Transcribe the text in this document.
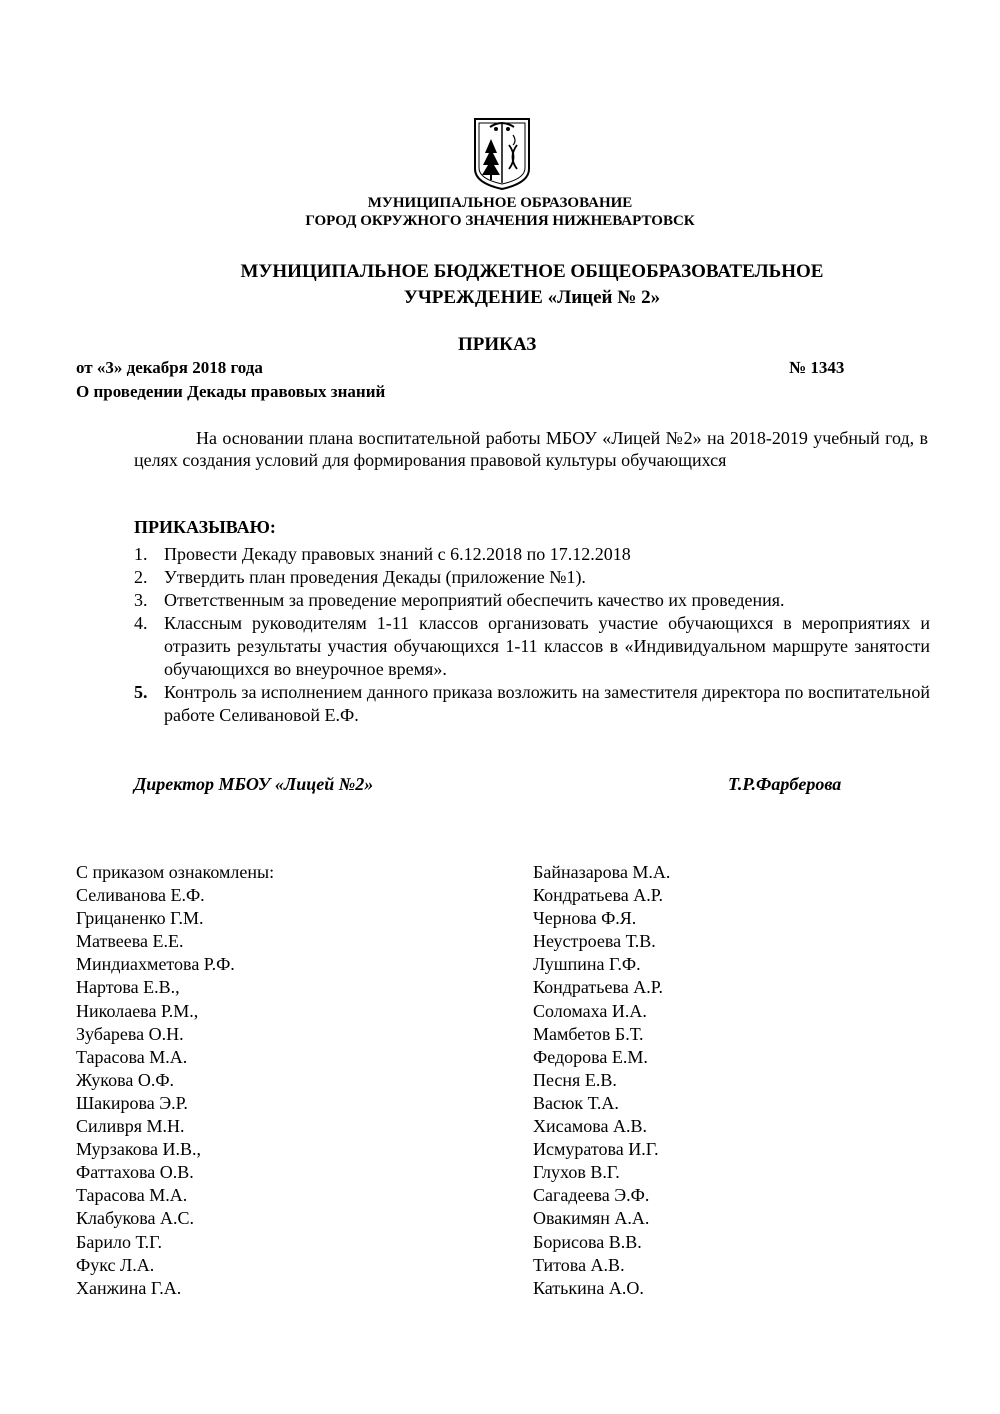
МУНИЦИПАЛЬНОЕ ОБРАЗОВАНИЕ
ГОРОД ОКРУЖНОГО ЗНАЧЕНИЯ НИЖНЕВАРТОВСК
МУНИЦИПАЛЬНОЕ БЮДЖЕТНОЕ ОБЩЕОБРАЗОВАТЕЛЬНОЕ
УЧРЕЖДЕНИЕ «Лицей № 2»
ПРИКАЗ
от «3» декабря 2018 года	№ 1343
О проведении Декады правовых знаний
На основании плана воспитательной работы МБОУ «Лицей №2» на 2018-2019 учебный год, в целях создания условий для формирования правовой культуры обучающихся
ПРИКАЗЫВАЮ:
1. Провести Декаду правовых знаний с 6.12.2018 по 17.12.2018
2. Утвердить план проведения Декады (приложение №1).
3. Ответственным за проведение мероприятий обеспечить качество их проведения.
4. Классным руководителям 1-11 классов организовать участие обучающихся в мероприятиях и отразить результаты участия обучающихся 1-11 классов в «Индивидуальном маршруте занятости обучающихся во внеурочное время».
5. Контроль за исполнением данного приказа возложить на заместителя директора по воспитательной работе Селивановой Е.Ф.
Директор МБОУ «Лицей №2»	Т.Р.Фарберова
С приказом ознакомлены:
Селиванова Е.Ф.
Грицаненко Г.М.
Матвеева Е.Е.
Миндиахметова Р.Ф.
Нартова Е.В.,
Николаева Р.М.,
Зубарева О.Н.
Тарасова М.А.
Жукова О.Ф.
Шакирова Э.Р.
Силивря М.Н.
Мурзакова И.В.,
Фаттахова О.В.
Тарасова М.А.
Клабукова А.С.
Барило Т.Г.
Фукс Л.А.
Ханжина Г.А.
Байназарова М.А.
Кондратьева А.Р.
Чернова Ф.Я.
Неустроева Т.В.
Лушпина Г.Ф.
Кондратьева А.Р.
Соломаха И.А.
Мамбетов Б.Т.
Федорова Е.М.
Песня Е.В.
Васюк Т.А.
Хисамова А.В.
Исмуратова И.Г.
Глухов В.Г.
Сагадеева Э.Ф.
Овакимян А.А.
Борисова В.В.
Титова А.В.
Катькина А.О.
